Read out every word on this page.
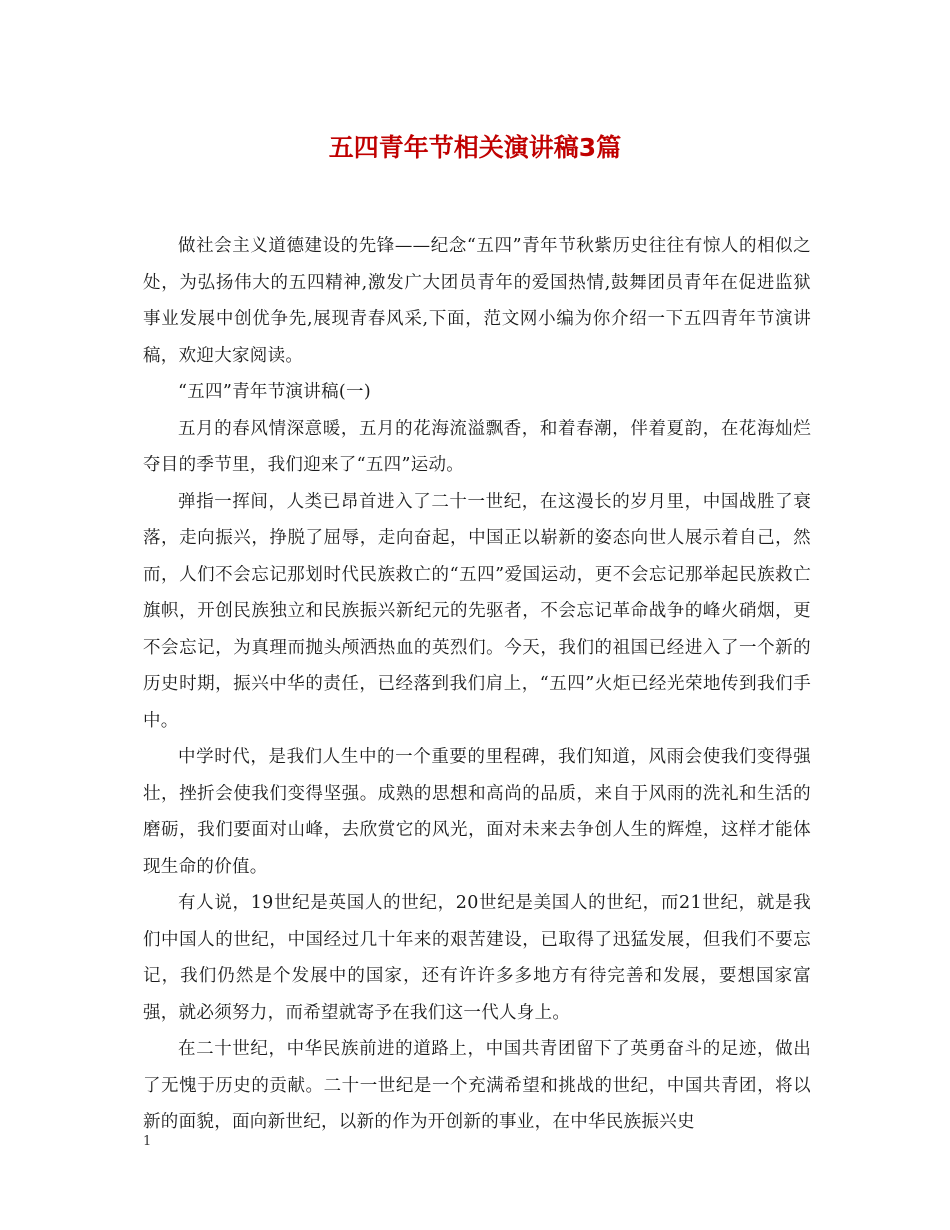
五四青年节相关演讲稿3篇

做社会主义道德建设的先锋——纪念“五四”青年节秋紫历史往往有惊人的相似之处，为弘扬伟大的五四精神,激发广大团员青年的爱国热情,鼓舞团员青年在促进监狱事业发展中创优争先,展现青春风采,下面，范文网小编为你介绍一下五四青年节演讲稿，欢迎大家阅读。

“五四”青年节演讲稿(一)

五月的春风情深意暖，五月的花海流溢飘香，和着春潮，伴着夏韵，在花海灿烂夺目的季节里，我们迎来了“五四”运动。

弹指一挥间，人类已昂首进入了二十一世纪，在这漫长的岁月里，中国战胜了衰落，走向振兴，挣脱了屈辱，走向奋起，中国正以崭新的姿态向世人展示着自己，然而，人们不会忘记那划时代民族救亡的“五四”爱国运动，更不会忘记那举起民族救亡旗帜，开创民族独立和民族振兴新纪元的先驱者，不会忘记革命战争的峰火硝烟，更不会忘记，为真理而抛头颅洒热血的英烈们。今天，我们的祖国已经进入了一个新的历史时期，振兴中华的责任，已经落到我们肩上，“五四”火炬已经光荣地传到我们手中。

中学时代，是我们人生中的一个重要的里程碑，我们知道，风雨会使我们变得强壮，挫折会使我们变得坚强。成熟的思想和高尚的品质，来自于风雨的洗礼和生活的磨砺，我们要面对山峰，去欣赏它的风光，面对未来去争创人生的辉煌，这样才能体现生命的价值。

有人说，19世纪是英国人的世纪，20世纪是美国人的世纪，而21世纪，就是我们中国人的世纪，中国经过几十年来的艰苦建设，已取得了迅猛发展，但我们不要忘记，我们仍然是个发展中的国家，还有许许多多地方有待完善和发展，要想国家富强，就必须努力，而希望就寄予在我们这一代人身上。

在二十世纪，中华民族前进的道路上，中国共青团留下了英勇奋斗的足迹，做出了无愧于历史的贡献。二十一世纪是一个充满希望和挑战的世纪，中国共青团，将以新的面貌，面向新世纪，以新的作为开创新的事业，在中华民族振兴史

1
